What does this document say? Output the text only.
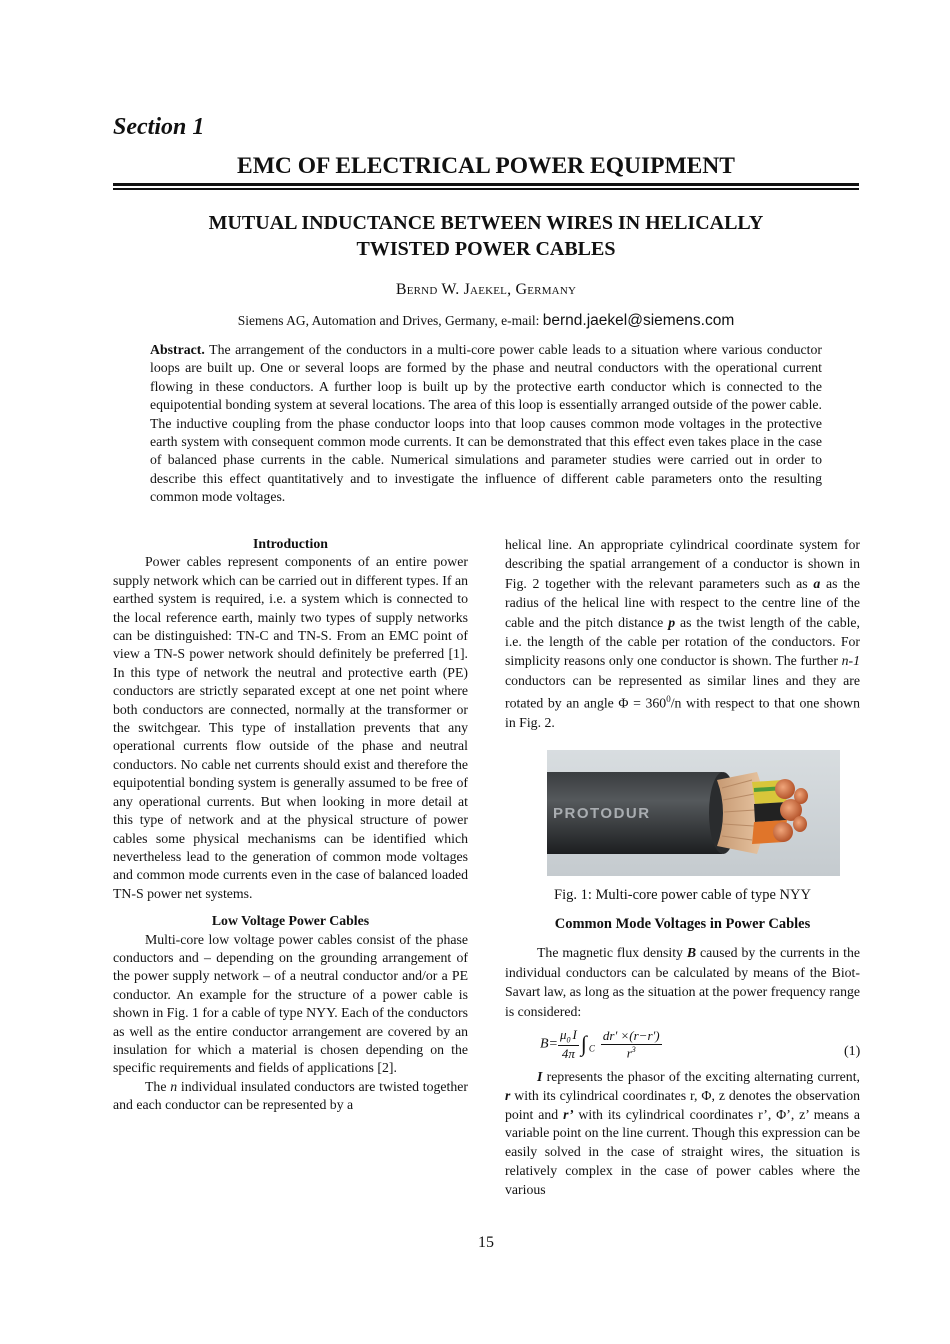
Section 1
EMC OF ELECTRICAL POWER EQUIPMENT
MUTUAL INDUCTANCE BETWEEN WIRES IN HELICALLY
TWISTED POWER CABLES
Bernd W. Jaekel, Germany
Siemens AG, Automation and Drives, Germany, e-mail: bernd.jaekel@siemens.com
Abstract. The arrangement of the conductors in a multi-core power cable leads to a situation where various conductor loops are built up. One or several loops are formed by the phase and neutral conductors with the operational current flowing in these conductors. A further loop is built up by the protective earth conductor which is connected to the equipotential bonding system at several locations. The area of this loop is essentially arranged outside of the power cable. The inductive coupling from the phase conductor loops into that loop causes common mode voltages in the protective earth system with consequent common mode currents. It can be demonstrated that this effect even takes place in the case of balanced phase currents in the cable. Numerical simulations and parameter studies were carried out in order to describe this effect quantitatively and to investigate the influence of different cable parameters onto the resulting common mode voltages.

Introduction

Power cables represent components of an entire power supply network which can be carried out in different types. If an earthed system is required, i.e. a system which is connected to the local reference earth, mainly two types of supply networks can be distinguished: TN-C and TN-S. From an EMC point of view a TN-S power network should definitely be preferred [1]. In this type of network the neutral and protective earth (PE) conductors are strictly separated except at one net point where both conductors are connected, normally at the transformer or the switchgear. This type of installation prevents that any operational currents flow outside of the phase and neutral conductors. No cable net currents should exist and therefore the equipotential bonding system is generally assumed to be free of any operational currents. But when looking in more detail at this type of network and at the physical structure of power cables some physical mechanisms can be identified which nevertheless lead to the generation of common mode voltages and common mode currents even in the case of balanced loaded TN-S power net systems.

Low Voltage Power Cables

Multi-core low voltage power cables consist of the phase conductors and – depending on the grounding arrangement of the power supply network – of a neutral conductor and/or a PE conductor. An example for the structure of a power cable is shown in Fig. 1 for a cable of type NYY. Each of the conductors as well as the entire conductor arrangement are covered by an insulation for which a material is chosen depending on the specific requirements and fields of applications [2].

The n individual insulated conductors are twisted together and each conductor can be represented by a

helical line. An appropriate cylindrical coordinate system for describing the spatial arrangement of a conductor is shown in Fig. 2 together with the relevant parameters such as a as the radius of the helical line with respect to the centre line of the cable and the pitch distance p as the twist length of the cable, i.e. the length of the cable per rotation of the conductors. For simplicity reasons only one conductor is shown. The further n-1 conductors can be represented as similar lines and they are rotated by an angle $\Phi = 360^0/n$ with respect to that one shown in Fig. 2.

PROTODUR
Fig. 1: Multi-core power cable of type NYY
Common Mode Voltages in Power Cables
The magnetic flux density B caused by the currents in the individual conductors can be calculated by means of the Biot-Savart law, as long as the situation at the power frequency range is considered:
$B= \frac{\mu_0 I}{4\pi}$ ∫ $_C \frac{dr' \times(r-r')}{r^3}$	(1)
I represents the phasor of the exciting alternating current, r with its cylindrical coordinates r, Φ, z denotes the observation point and r’ with its cylindrical coordinates r’, Φ’, z’ means a variable point on the line current. Though this expression can be easily solved in the case of straight wires, the situation is relatively complex in the case of power cables where the various
15
